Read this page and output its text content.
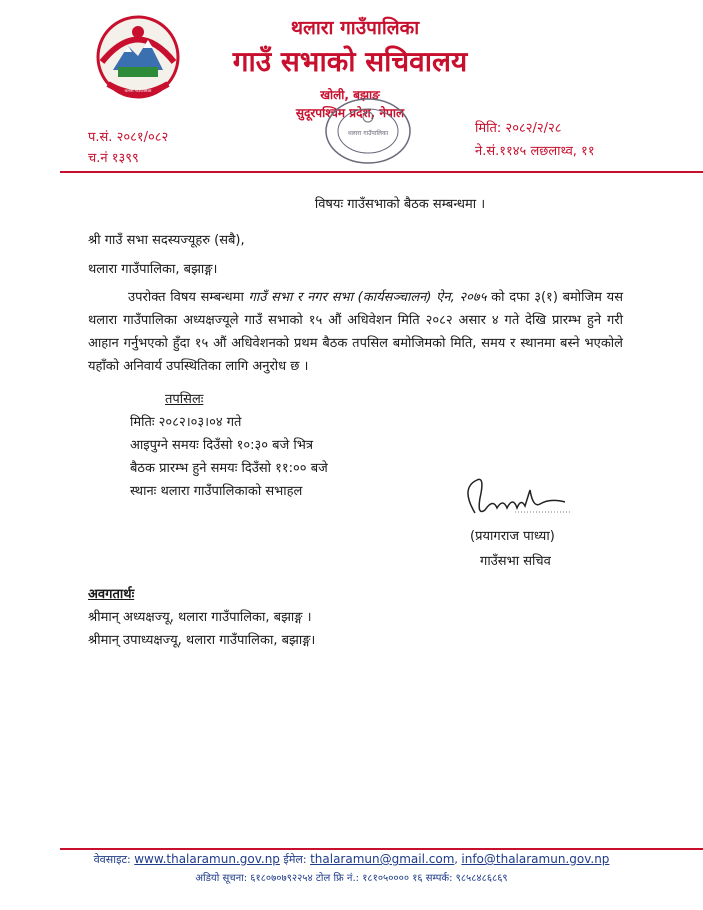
थलारा गाउँपालिका
थलारा गाउँपालिका
गाउँ सभाको सचिवालय
खोली, बझाङ
सुदूरपश्चिम प्रदेश, नेपाल
थलारा गाउँपालिका
प.सं. २०८१/०८२
च.नं १३९९
मिति: २०८२/२/२८
ने.सं.११४५ लछलाथ्व, ११
विषयः गाउँसभाको बैठक सम्बन्धमा ।
श्री गाउँ सभा सदस्यज्यूहरु (सबै),
थलारा गाउँपालिका, बझाङ्ग।
उपरोक्त विषय सम्बन्धमा गाउँ सभा र नगर सभा (कार्यसञ्चालन) ऐन, २०७५ को दफा ३(१) बमोजिम यस थलारा गाउँपालिका अध्यक्षज्यूले गाउँ सभाको १५ औं अधिवेशन मिति २०८२ असार ४ गते देखि प्रारम्भ हुने गरी आहान गर्नुभएको हुँदा १५ औं अधिवेशनको प्रथम बैठक तपसिल बमोजिमको मिति, समय र स्थानमा बस्ने भएकोले यहाँको अनिवार्य उपस्थितिका लागि अनुरोध छ ।
तपसिलः
मितिः २०८२।०३।०४ गते
आइपुग्ने समयः दिउँसो १०:३० बजे भित्र
बैठक प्रारम्भ हुने समयः दिउँसो ११:०० बजे
स्थानः थलारा गाउँपालिकाको सभाहल
(प्रयागराज पाध्या)
गाउँसभा सचिव
अवगतार्थः
श्रीमान् अध्यक्षज्यू, थलारा गाउँपालिका, बझाङ्ग ।
श्रीमान् उपाध्यक्षज्यू, थलारा गाउँपालिका, बझाङ्ग।
वेवसाइट: www.thalaramun.gov.np ईमेल: thalaramun@gmail.com, info@thalaramun.gov.np
अडियो सूचना: ६१८०७०७९२२५४ टोल फ्रि नं.: १८१०५०००० १६ सम्पर्क: ९८५८४८६८६९
